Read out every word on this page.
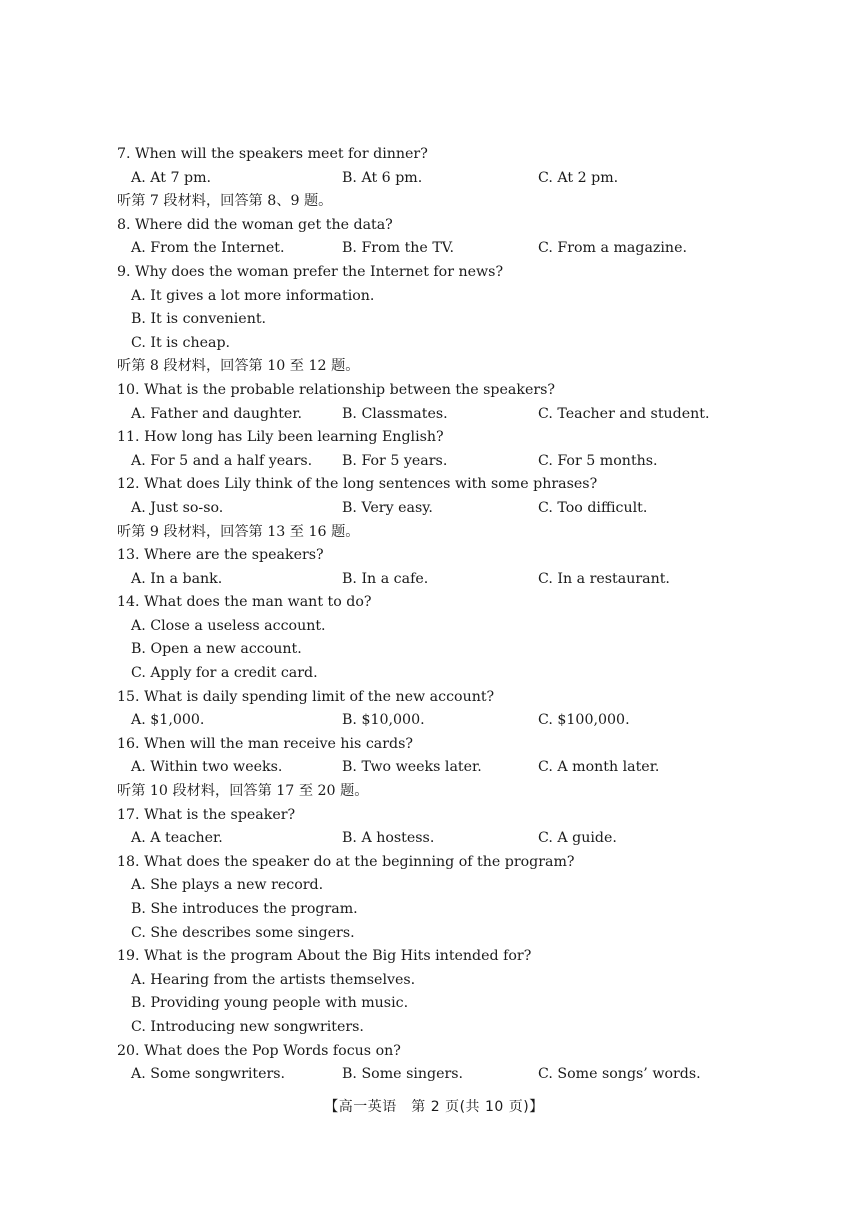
7. When will the speakers meet for dinner?
A. At 7 pm.	B. At 6 pm.	C. At 2 pm.
听第 7 段材料，回答第 8、9 题。
8. Where did the woman get the data?
A. From the Internet.	B. From the TV.	C. From a magazine.
9. Why does the woman prefer the Internet for news?
A. It gives a lot more information.
B. It is convenient.
C. It is cheap.
听第 8 段材料，回答第 10 至 12 题。
10. What is the probable relationship between the speakers?
A. Father and daughter.	B. Classmates.	C. Teacher and student.
11. How long has Lily been learning English?
A. For 5 and a half years. B. For 5 years.	C. For 5 months.
12. What does Lily think of the long sentences with some phrases?
A. Just so-so.	B. Very easy.	C. Too difficult.
听第 9 段材料，回答第 13 至 16 题。
13. Where are the speakers?
A. In a bank.	B. In a cafe.	C. In a restaurant.
14. What does the man want to do?
A. Close a useless account.
B. Open a new account.
C. Apply for a credit card.
15. What is daily spending limit of the new account?
A. $1,000.	B. $10,000.	C. $100,000.
16. When will the man receive his cards?
A. Within two weeks.	B. Two weeks later.	C. A month later.
听第 10 段材料，回答第 17 至 20 题。
17. What is the speaker?
A. A teacher.	B. A hostess.	C. A guide.
18. What does the speaker do at the beginning of the program?
A. She plays a new record.
B. She introduces the program.
C. She describes some singers.
19. What is the program About the Big Hits intended for?
A. Hearing from the artists themselves.
B. Providing young people with music.
C. Introducing new songwriters.
20. What does the Pop Words focus on?
A. Some songwriters.	B. Some singers.	C. Some songs’ words.
【高一英语　第 2 页(共 10 页)】
